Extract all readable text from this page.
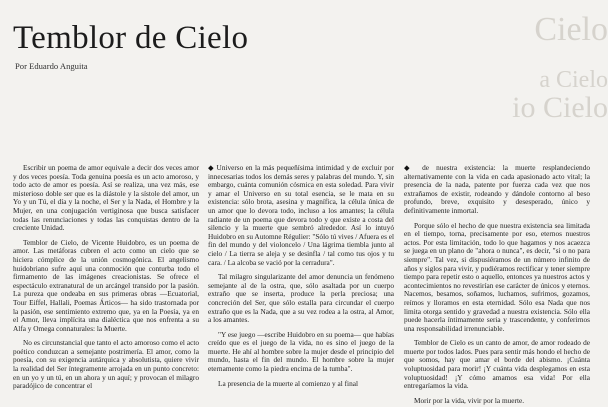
Cielo
a Cielo
io Cielo
Temblor de Cielo
Por Eduardo Anguita

Escribir un poema de amor equivale a decir dos veces amor y dos veces poesía. Toda genuina poesía es un acto amoroso, y todo acto de amor es poesía. Así se realiza, una vez más, ese misterioso doble ser que es la diástole y la sístole del amor, un Yo y un Tú, el día y la noche, el Ser y la Nada, el Hombre y la Mujer, en una conjugación vertiginosa que busca satisfacer todas las renunciaciones y todas las conquistas dentro de la creciente Unidad.

Temblor de Cielo, de Vicente Huidobro, es un poema de amor. Las metáforas cubren el acto como un cielo que se hiciera cómplice de la unión cosmogónica. El angelismo huidobriano sufre aquí una conmoción que conturba todo el firmamento de las imágenes creacionistas. Se ofrece el espectáculo extranatural de un arcángel transido por la pasión. La pureza que ondeaba en sus primeras obras —Ecuatorial, Tour Eiffel, Hallali, Poemas Árticos— ha sido trastornada por la pasión, ese sentimiento extremo que, ya en la Poesía, ya en el Amor, lleva implícita una dialéctica que nos enfrenta a su Alfa y Omega connaturales: la Muerte.

No es circunstancial que tanto el acto amoroso como el acto poético conduzcan a semejante postrimería. El amor, como la poesía, con su exigencia autárquica y absolutista, quiere vivir la realidad del Ser íntegramente arrojada en un punto concreto: en un yo y un tú, en un ahora y un aquí; y provocan el milagro paradójico de concentrar el

◆ Universo en la más pequeñísima intimidad y de excluir por innecesarias todos los demás seres y palabras del mundo. Y, sin embargo, cuánta comunión cósmica en esta soledad. Para vivir y amar el Universo en su total esencia, se le mata en su existencia: sólo brota, asesina y magnífica, la célula única de un amor que lo devora todo, incluso a los amantes; la célula radiante de un poema que devora todo y que existe a costa del silencio y la muerte que sembró alrededor. Así lo intuyó Huidobro en su Automne Régulier: "Sólo tú vives / Afuera es el fin del mundo y del violoncelo / Una lágrima tiembla junto al cielo / La tierra se aleja y se desinfla / tal como tus ojos y tu cara. / La alcoba se vació por la cerradura".

Tal milagro singularizante del amor denuncia un fenómeno semejante al de la ostra, que, sólo asaltada por un cuerpo extraño que se inserta, produce la perla preciosa; una concreción del Ser, que sólo estalla para circundar el cuerpo extraño que es la Nada, que a su vez rodea a la ostra, al Amor, a los amantes.

"Y ese juego —escribe Huidobro en su poema— que habías creído que es el juego de la vida, no es sino el juego de la muerte. He ahí al hombre sobre la mujer desde el principio del mundo, hasta el fin del mundo. El hombre sobre la mujer eternamente como la piedra encima de la tumba".

La presencia de la muerte al comienzo y al final

◆ de nuestra existencia: la muerte resplandeciendo alternativamente con la vida en cada apasionado acto vital; la presencia de la nada, patente por fuerza cada vez que nos extrañamos de existir, rodeando y dándole contorno al beso profundo, breve, exquisito y desesperado, único y definitivamente inmortal.

Porque sólo el hecho de que nuestra existencia sea limitada en el tiempo, torna, precisamente por eso, eternos nuestros actos. Por esta limitación, todo lo que hagamos y nos acaezca se juega en un plano de "ahora o nunca", es decir, "si o no para siempre". Tal vez, si dispusiéramos de un número infinito de años y siglos para vivir, y pudiéramos rectificar y tener siempre tiempo para repetir esto o aquello, entonces ya nuestros actos y acontecimientos no revestirían ese carácter de únicos y eternos. Nacemos, besamos, soñamos, luchamos, sufrimos, gozamos, reímos y lloramos en esta eternidad. Sólo esa Nada que nos limita otorga sentido y gravedad a nuestra existencia. Sólo ella puede hacerla íntimamente seria y trascendente, y conferirnos una responsabilidad irrenunciable.

Temblor de Cielo es un canto de amor, de amor rodeado de muerte por todos lados. Pues para sentir más hondo el hecho de que somos, hay que amar el borde del abismo. ¡Cuánta voluptuosidad para morir! ¡Y cuánta vida desplegamos en esta voluptuosidad! ¡Y cómo amamos esa vida! Por ella entregaríamos la vida.

Morir por la vida, vivir por la muerte.
